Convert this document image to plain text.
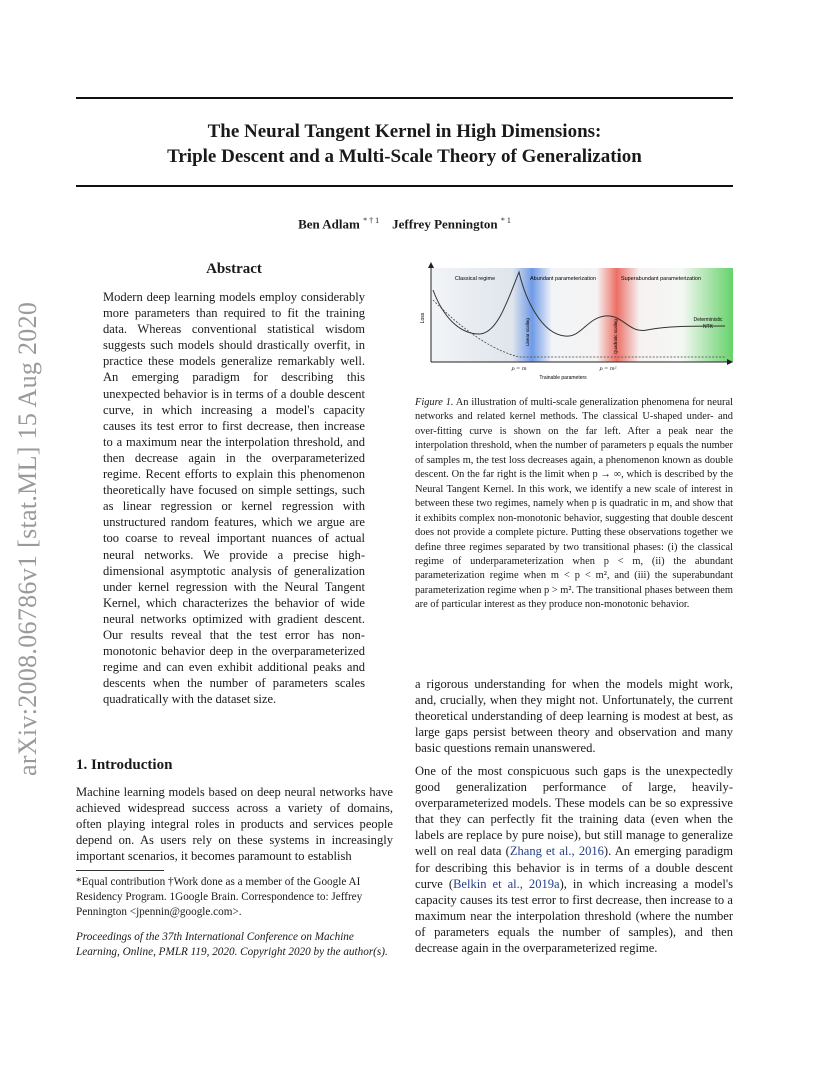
The Neural Tangent Kernel in High Dimensions:
Triple Descent and a Multi-Scale Theory of Generalization
Ben Adlam $^{* \dagger 1}$ Jeffrey Pennington $^{* 1}$
arXiv:2008.06786v1 [stat.ML] 15 Aug 2020
Abstract

Modern deep learning models employ considerably more parameters than required to fit the training data. Whereas conventional statistical wisdom suggests such models should drastically overfit, in practice these models generalize remarkably well. An emerging paradigm for describing this unexpected behavior is in terms of a double descent curve, in which increasing a model's capacity causes its test error to first decrease, then increase to a maximum near the interpolation threshold, and then decrease again in the overparameterized regime. Recent efforts to explain this phenomenon theoretically have focused on simple settings, such as linear regression or kernel regression with unstructured random features, which we argue are too coarse to reveal important nuances of actual neural networks. We provide a precise high-dimensional asymptotic analysis of generalization under kernel regression with the Neural Tangent Kernel, which characterizes the behavior of wide neural networks optimized with gradient descent. Our results reveal that the test error has non-monotonic behavior deep in the overparameterized regime and can even exhibit additional peaks and descents when the number of parameters scales quadratically with the dataset size.

1. Introduction

Machine learning models based on deep neural networks have achieved widespread success across a variety of domains, often playing integral roles in products and services people depend on. As users rely on these systems in increasingly important scenarios, it becomes paramount to establish

*Equal contribution †Work done as a member of the Google AI Residency Program. 1Google Brain. Correspondence to: Jeffrey Pennington <jpennin@google.com>.

Proceedings of the 37th International Conference on Machine Learning, Online, PMLR 119, 2020. Copyright 2020 by the author(s).

Classical regime	Abundant parameterization	Superabundant parameterization
Loss
Trainable parameters
Linear scaling	Quadratic scaling
p = m	p = m²
Deterministic
NTK

Figure 1. An illustration of multi-scale generalization phenomena for neural networks and related kernel methods. The classical U-shaped under- and over-fitting curve is shown on the far left. After a peak near the interpolation threshold, when the number of parameters p equals the number of samples m, the test loss decreases again, a phenomenon known as double descent. On the far right is the limit when p → ∞, which is described by the Neural Tangent Kernel. In this work, we identify a new scale of interest in between these two regimes, namely when p is quadratic in m, and show that it exhibits complex non-monotonic behavior, suggesting that double descent does not provide a complete picture. Putting these observations together we define three regimes separated by two transitional phases: (i) the classical regime of underparameterization when p < m, (ii) the abundant parameterization regime when m < p < m², and (iii) the superabundant parameterization regime when p > m². The transitional phases between them are of particular interest as they produce non-monotonic behavior.

a rigorous understanding for when the models might work, and, crucially, when they might not. Unfortunately, the current theoretical understanding of deep learning is modest at best, as large gaps persist between theory and observation and many basic questions remain unanswered.

One of the most conspicuous such gaps is the unexpectedly good generalization performance of large, heavily-overparameterized models. These models can be so expressive that they can perfectly fit the training data (even when the labels are replace by pure noise), but still manage to generalize well on real data (Zhang et al., 2016). An emerging paradigm for describing this behavior is in terms of a double descent curve (Belkin et al., 2019a), in which increasing a model's capacity causes its test error to first decrease, then increase to a maximum near the interpolation threshold (where the number of parameters equals the number of samples), and then decrease again in the overparameterized regime.
